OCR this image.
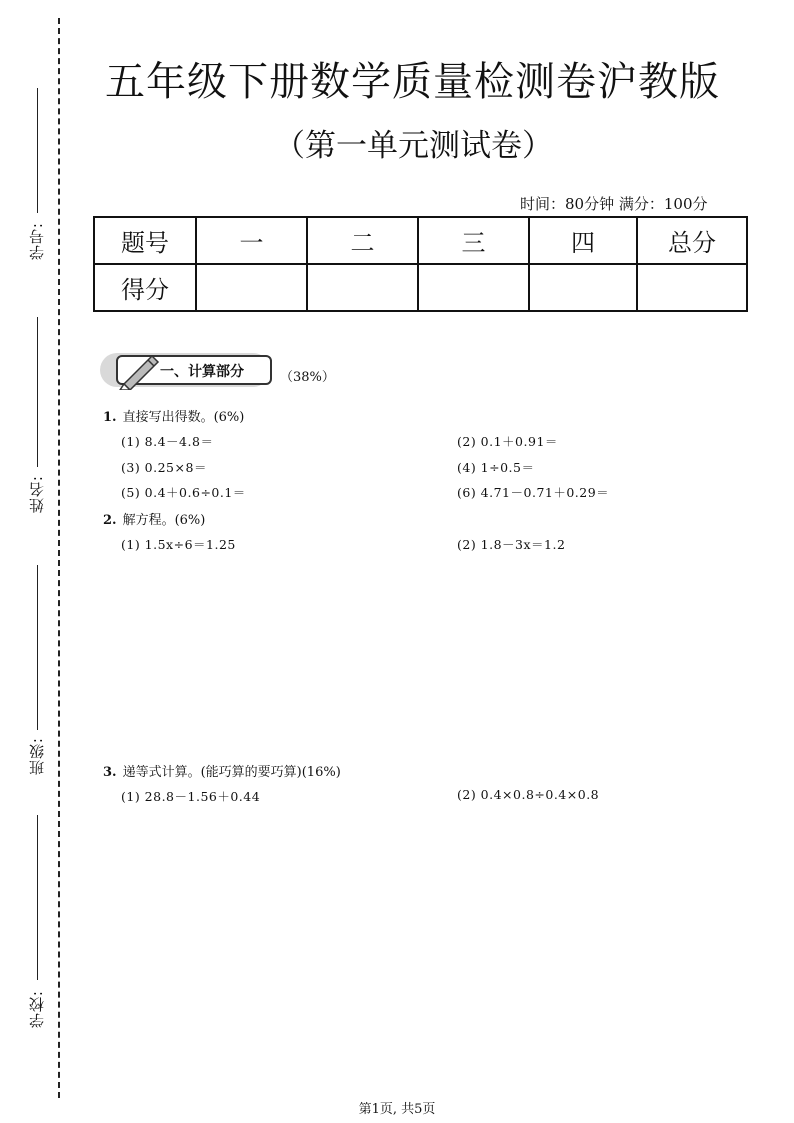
学号:
姓名:
班级:
学校:
五年级下册数学质量检测卷沪教版
（第一单元测试卷）
时间：80分钟 满分：100分
题号	一	二	三	四	总分
得分					
一、计算部分	（38%）
1. 直接写出得数。(6%)
(1) 8.4－4.8＝	(2) 0.1＋0.91＝
(3) 0.25×8＝	(4) 1÷0.5＝
(5) 0.4＋0.6÷0.1＝	(6) 4.71－0.71＋0.29＝
2. 解方程。(6%)
(1) 1.5x÷6＝1.25	(2) 1.8－3x＝1.2
3. 递等式计算。(能巧算的要巧算)(16%)
(1) 28.8－1.56＋0.44	(2) 0.4×0.8÷0.4×0.8
第1页, 共5页
